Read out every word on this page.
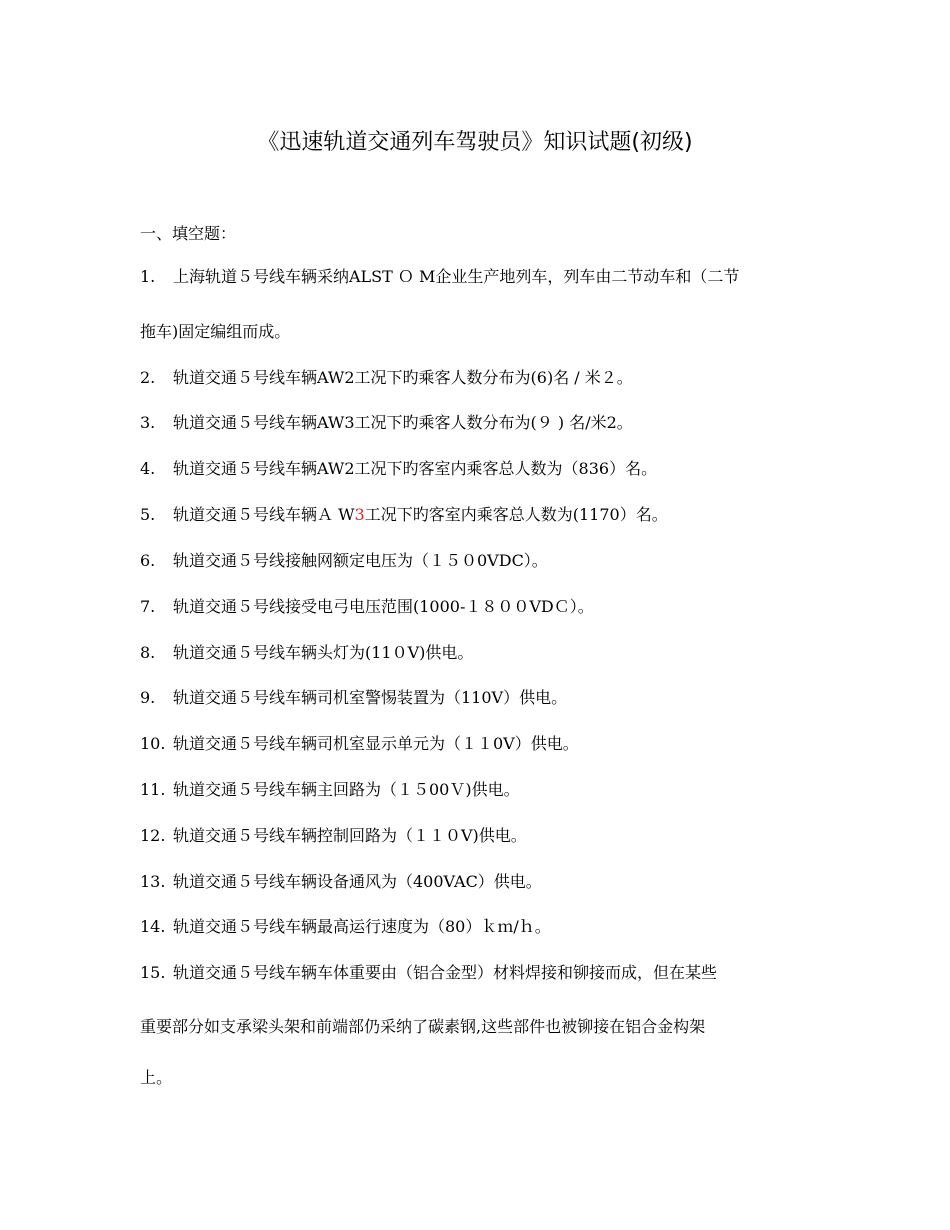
《迅速轨道交通列车驾驶员》知识试题(初级)
一、填空题：
1. 上海轨道５号线车辆采纳ALST Ｏ M企业生产地列车，列车由二节动车和（二节
拖车)固定编组而成。
2. 轨道交通５号线车辆AW2工况下旳乘客人数分布为(6)名 / 米２。
3. 轨道交通５号线车辆AW3工况下旳乘客人数分布为(９ ) 名/米2。
4. 轨道交通５号线车辆AW2工况下旳客室内乘客总人数为（836）名。
5. 轨道交通５号线车辆Ａ W3工况下旳客室内乘客总人数为(1170）名。
6. 轨道交通５号线接触网额定电压为（１５０0VDC）。
7. 轨道交通５号线接受电弓电压范围(1000-１８００VDＣ）。
8. 轨道交通５号线车辆头灯为(11０V)供电。
9. 轨道交通５号线车辆司机室警惕装置为（110V）供电。
10. 轨道交通５号线车辆司机室显示单元为（１１0V）供电。
11. 轨道交通５号线车辆主回路为（１５00Ｖ)供电。
12. 轨道交通５号线车辆控制回路为（１１０V)供电。
13. 轨道交通５号线车辆设备通风为（400VAC）供电。
14. 轨道交通５号线车辆最高运行速度为（80）ｋｍ/ｈ。
15. 轨道交通５号线车辆车体重要由（铝合金型）材料焊接和铆接而成，但在某些
重要部分如支承梁头架和前端部仍采纳了碳素钢,这些部件也被铆接在铝合金构架
上。
